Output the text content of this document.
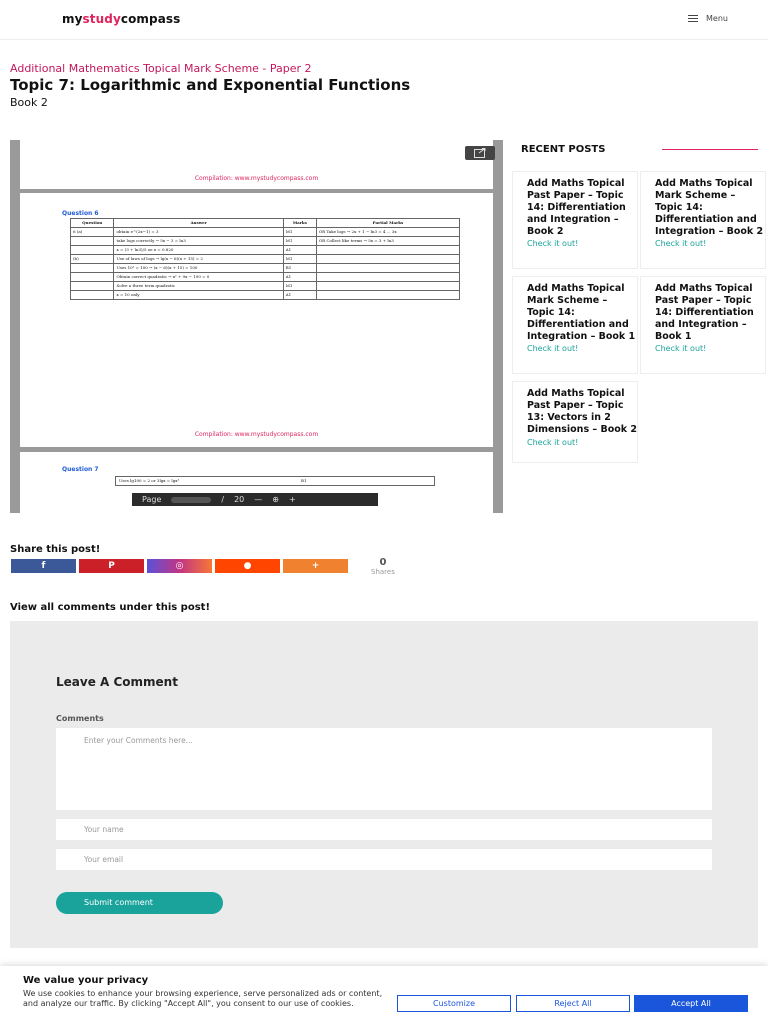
mystudycompass	Menu
Additional Mathematics Topical Mark Scheme - Paper 2
Topic 7: Logarithmic and Exponential Functions
Book 2
Compilation: www.mystudycompass.com
Question 6
Question	Answer	Marks	Partial Marks
6 (a)	obtain e^(2x−1) = 3	M1	OR Take logs → 2x + 1 − ln3 = 4 ... 3x
	take logs correctly → 5x − 3 = ln3	M1	OR Collect like terms → 5x = 3 + ln3
	x = (3 + ln3)/5 oe x = 0.820	A1	
(b)	Use of laws of logs → lg(x − 6)(x + 15) = 2	M1	
	Uses 10² = 100 → (x − 6)(x + 15) = 100	B1	
	Obtain correct quadratic → x² + 9x − 190 = 0	A1	
	Solve a three term quadratic	M1	
	x = 10 only	A1	
Compilation: www.mystudycompass.com
Question 7
Uses lg100 = 2 or 3lgx = lgx³	B1
Page	/ 20 — ⊕ +
RECENT POSTS
Add Maths Topical Past Paper – Topic 14: Differentiation and Integration – Book 2
Check it out!
Add Maths Topical Mark Scheme – Topic 14: Differentiation and Integration – Book 2
Check it out!
Add Maths Topical Mark Scheme – Topic 14: Differentiation and Integration – Book 1
Check it out!
Add Maths Topical Past Paper – Topic 14: Differentiation and Integration – Book 1
Check it out!
Add Maths Topical Past Paper – Topic 13: Vectors in 2 Dimensions – Book 2
Check it out!
Share this post!
f	P	◎	●	+	0
Shares
View all comments under this post!
Leave A Comment
Comments
Enter your Comments here...
Your name
Your email
Submit comment
We value your privacy
We use cookies to enhance your browsing experience, serve personalized ads or content, and analyze our traffic. By clicking "Accept All", you consent to our use of cookies.	Customize	Reject All	Accept All
